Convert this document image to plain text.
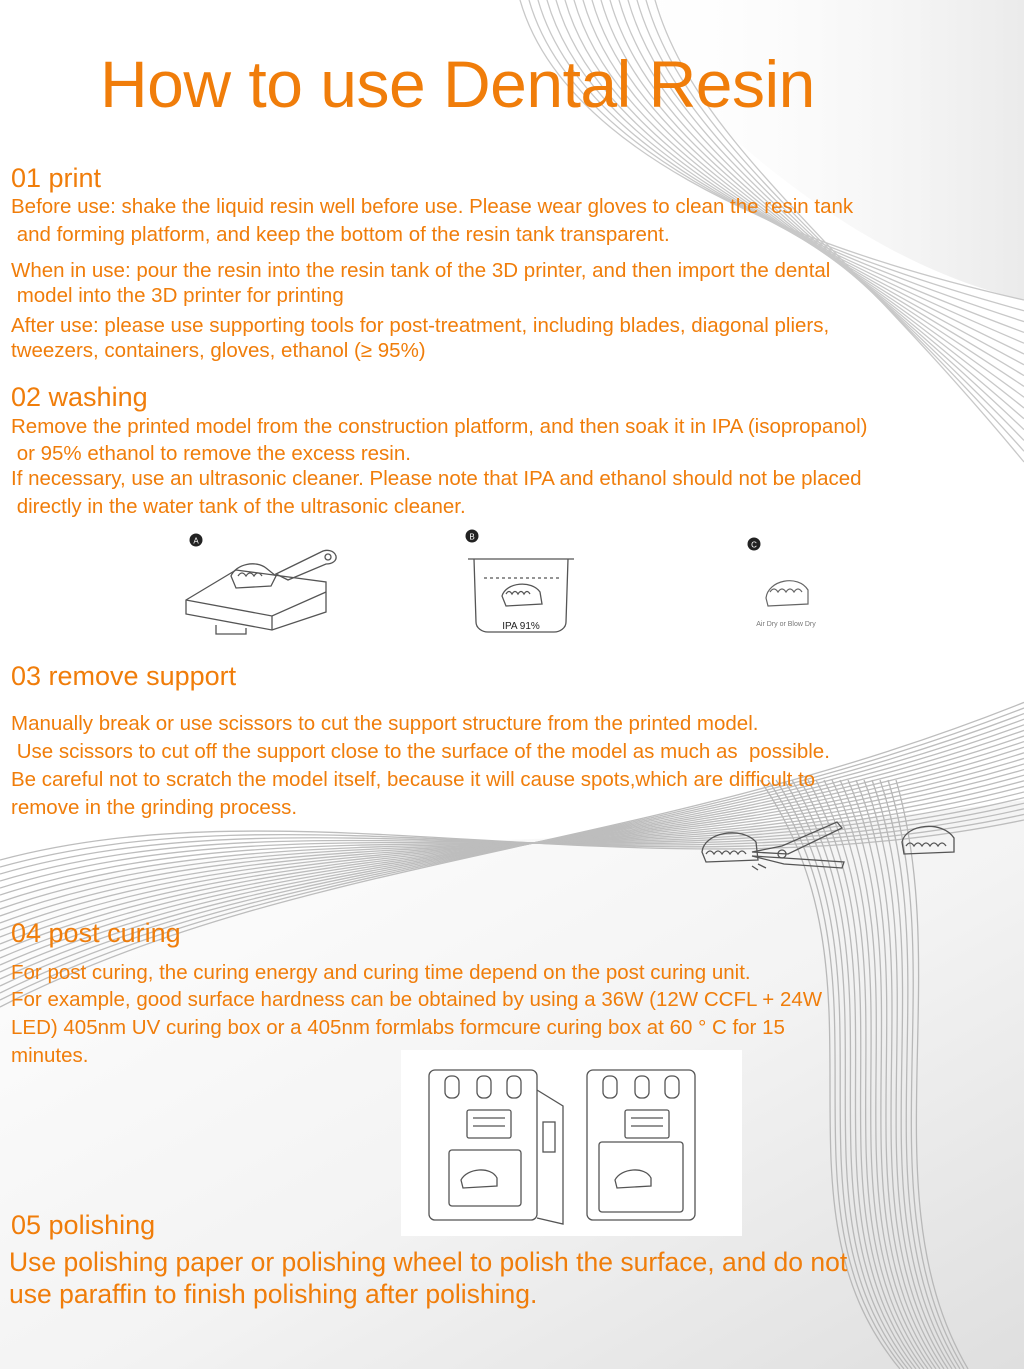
How to use Dental Resin
01 print
Before use: shake the liquid resin well before use. Please wear gloves to clean the resin tank
and forming platform, and keep the bottom of the resin tank transparent.
When in use: pour the resin into the resin tank of the 3D printer, and then import the dental
model into the 3D printer for printing
After use: please use supporting tools for post-treatment, including blades, diagonal pliers,
tweezers, containers, gloves, ethanol (≥ 95%)
02 washing
Remove the printed model from the construction platform, and then soak it in IPA (isopropanol)
or 95% ethanol to remove the excess resin.
If necessary, use an ultrasonic cleaner. Please note that IPA and ethanol should not be placed
directly in the water tank of the ultrasonic cleaner.
A	B
IPA 91%
C
Air Dry or Blow Dry
03 remove support
Manually break or use scissors to cut the support structure from the printed model.
Use scissors to cut off the support close to the surface of the model as much as  possible.
Be careful not to scratch the model itself, because it will cause spots,which are difficult to
remove in the grinding process.
04 post curing
For post curing, the curing energy and curing time depend on the post curing unit.
For example, good surface hardness can be obtained by using a 36W (12W CCFL + 24W
LED) 405nm UV curing box or a 405nm formlabs formcure curing box at 60 ° C for 15
minutes.
05 polishing
Use polishing paper or polishing wheel to polish the surface, and do not
use paraffin to finish polishing after polishing.
